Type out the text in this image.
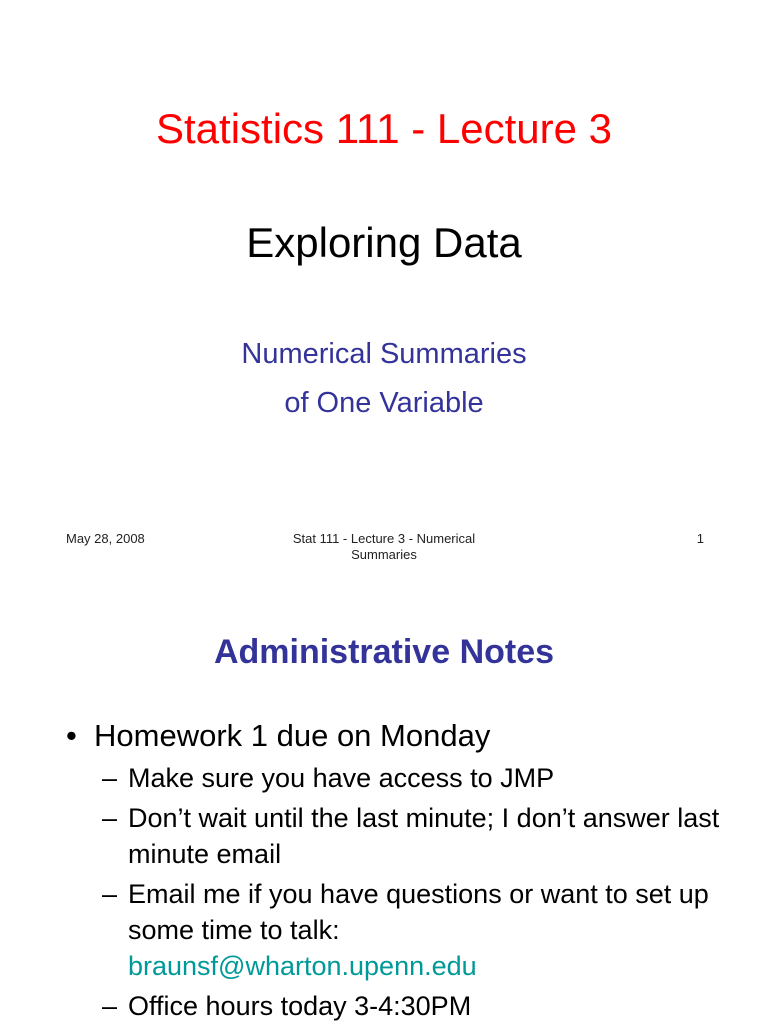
Statistics 111 - Lecture 3
Exploring Data
Numerical Summaries
of One Variable
May 28, 2008	Stat 111 - Lecture 3 - Numerical
Summaries
1
Administrative Notes
• Homework 1 due on Monday
– Make sure you have access to JMP
– Don’t wait until the last minute; I don’t answer last minute email
– Email me if you have questions or want to set up some time to talk:
braunsf@wharton.upenn.edu
– Office hours today 3-4:30PM
